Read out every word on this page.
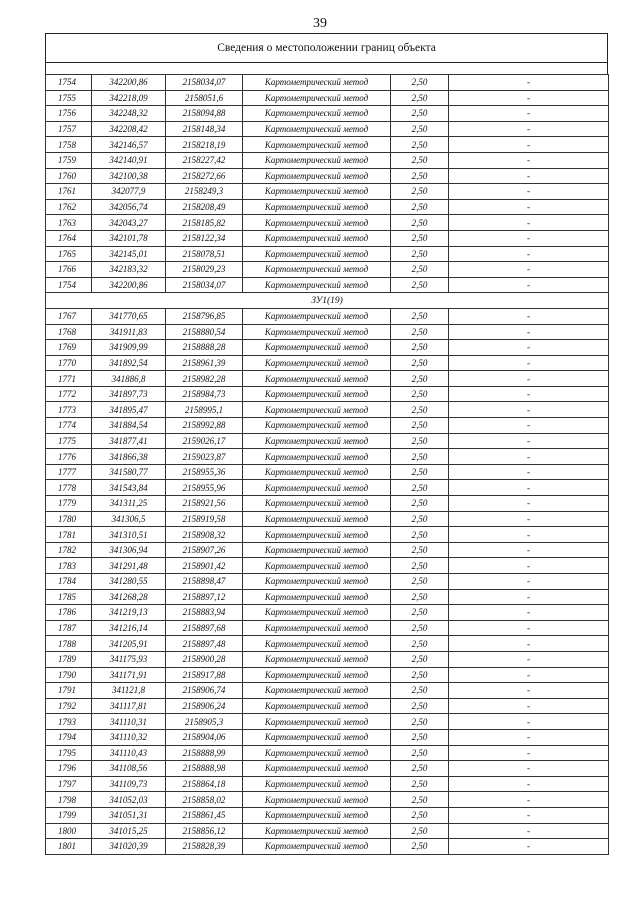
39
Сведения о местоположении границ объекта
1754	342200,86	2158034,07	Картометрический метод	2,50	-
1755	342218,09	2158051,6	Картометрический метод	2,50	-
1756	342248,32	2158094,88	Картометрический метод	2,50	-
1757	342208,42	2158148,34	Картометрический метод	2,50	-
1758	342146,57	2158218,19	Картометрический метод	2,50	-
1759	342140,91	2158227,42	Картометрический метод	2,50	-
1760	342100,38	2158272,66	Картометрический метод	2,50	-
1761	342077,9	2158249,3	Картометрический метод	2,50	-
1762	342056,74	2158208,49	Картометрический метод	2,50	-
1763	342043,27	2158185,82	Картометрический метод	2,50	-
1764	342101,78	2158122,34	Картометрический метод	2,50	-
1765	342145,01	2158078,51	Картометрический метод	2,50	-
1766	342183,32	2158029,23	Картометрический метод	2,50	-
1754	342200,86	2158034,07	Картометрический метод	2,50	-
ЗУ1(19)					
1767	341770,65	2158796,85	Картометрический метод	2,50	-
1768	341911,83	2158880,54	Картометрический метод	2,50	-
1769	341909,99	2158888,28	Картометрический метод	2,50	-
1770	341892,54	2158961,39	Картометрический метод	2,50	-
1771	341886,8	2158982,28	Картометрический метод	2,50	-
1772	341897,73	2158984,73	Картометрический метод	2,50	-
1773	341895,47	2158995,1	Картометрический метод	2,50	-
1774	341884,54	2158992,88	Картометрический метод	2,50	-
1775	341877,41	2159026,17	Картометрический метод	2,50	-
1776	341866,38	2159023,87	Картометрический метод	2,50	-
1777	341580,77	2158955,36	Картометрический метод	2,50	-
1778	341543,84	2158955,96	Картометрический метод	2,50	-
1779	341311,25	2158921,56	Картометрический метод	2,50	-
1780	341306,5	2158919,58	Картометрический метод	2,50	-
1781	341310,51	2158908,32	Картометрический метод	2,50	-
1782	341306,94	2158907,26	Картометрический метод	2,50	-
1783	341291,48	2158901,42	Картометрический метод	2,50	-
1784	341280,55	2158898,47	Картометрический метод	2,50	-
1785	341268,28	2158897,12	Картометрический метод	2,50	-
1786	341219,13	2158883,94	Картометрический метод	2,50	-
1787	341216,14	2158897,68	Картометрический метод	2,50	-
1788	341205,91	2158897,48	Картометрический метод	2,50	-
1789	341175,93	2158900,28	Картометрический метод	2,50	-
1790	341171,91	2158917,88	Картометрический метод	2,50	-
1791	341121,8	2158906,74	Картометрический метод	2,50	-
1792	341117,81	2158906,24	Картометрический метод	2,50	-
1793	341110,31	2158905,3	Картометрический метод	2,50	-
1794	341110,32	2158904,06	Картометрический метод	2,50	-
1795	341110,43	2158888,99	Картометрический метод	2,50	-
1796	341108,56	2158888,98	Картометрический метод	2,50	-
1797	341109,73	2158864,18	Картометрический метод	2,50	-
1798	341052,03	2158858,02	Картометрический метод	2,50	-
1799	341051,31	2158861,45	Картометрический метод	2,50	-
1800	341015,25	2158856,12	Картометрический метод	2,50	-
1801	341020,39	2158828,39	Картометрический метод	2,50	-
